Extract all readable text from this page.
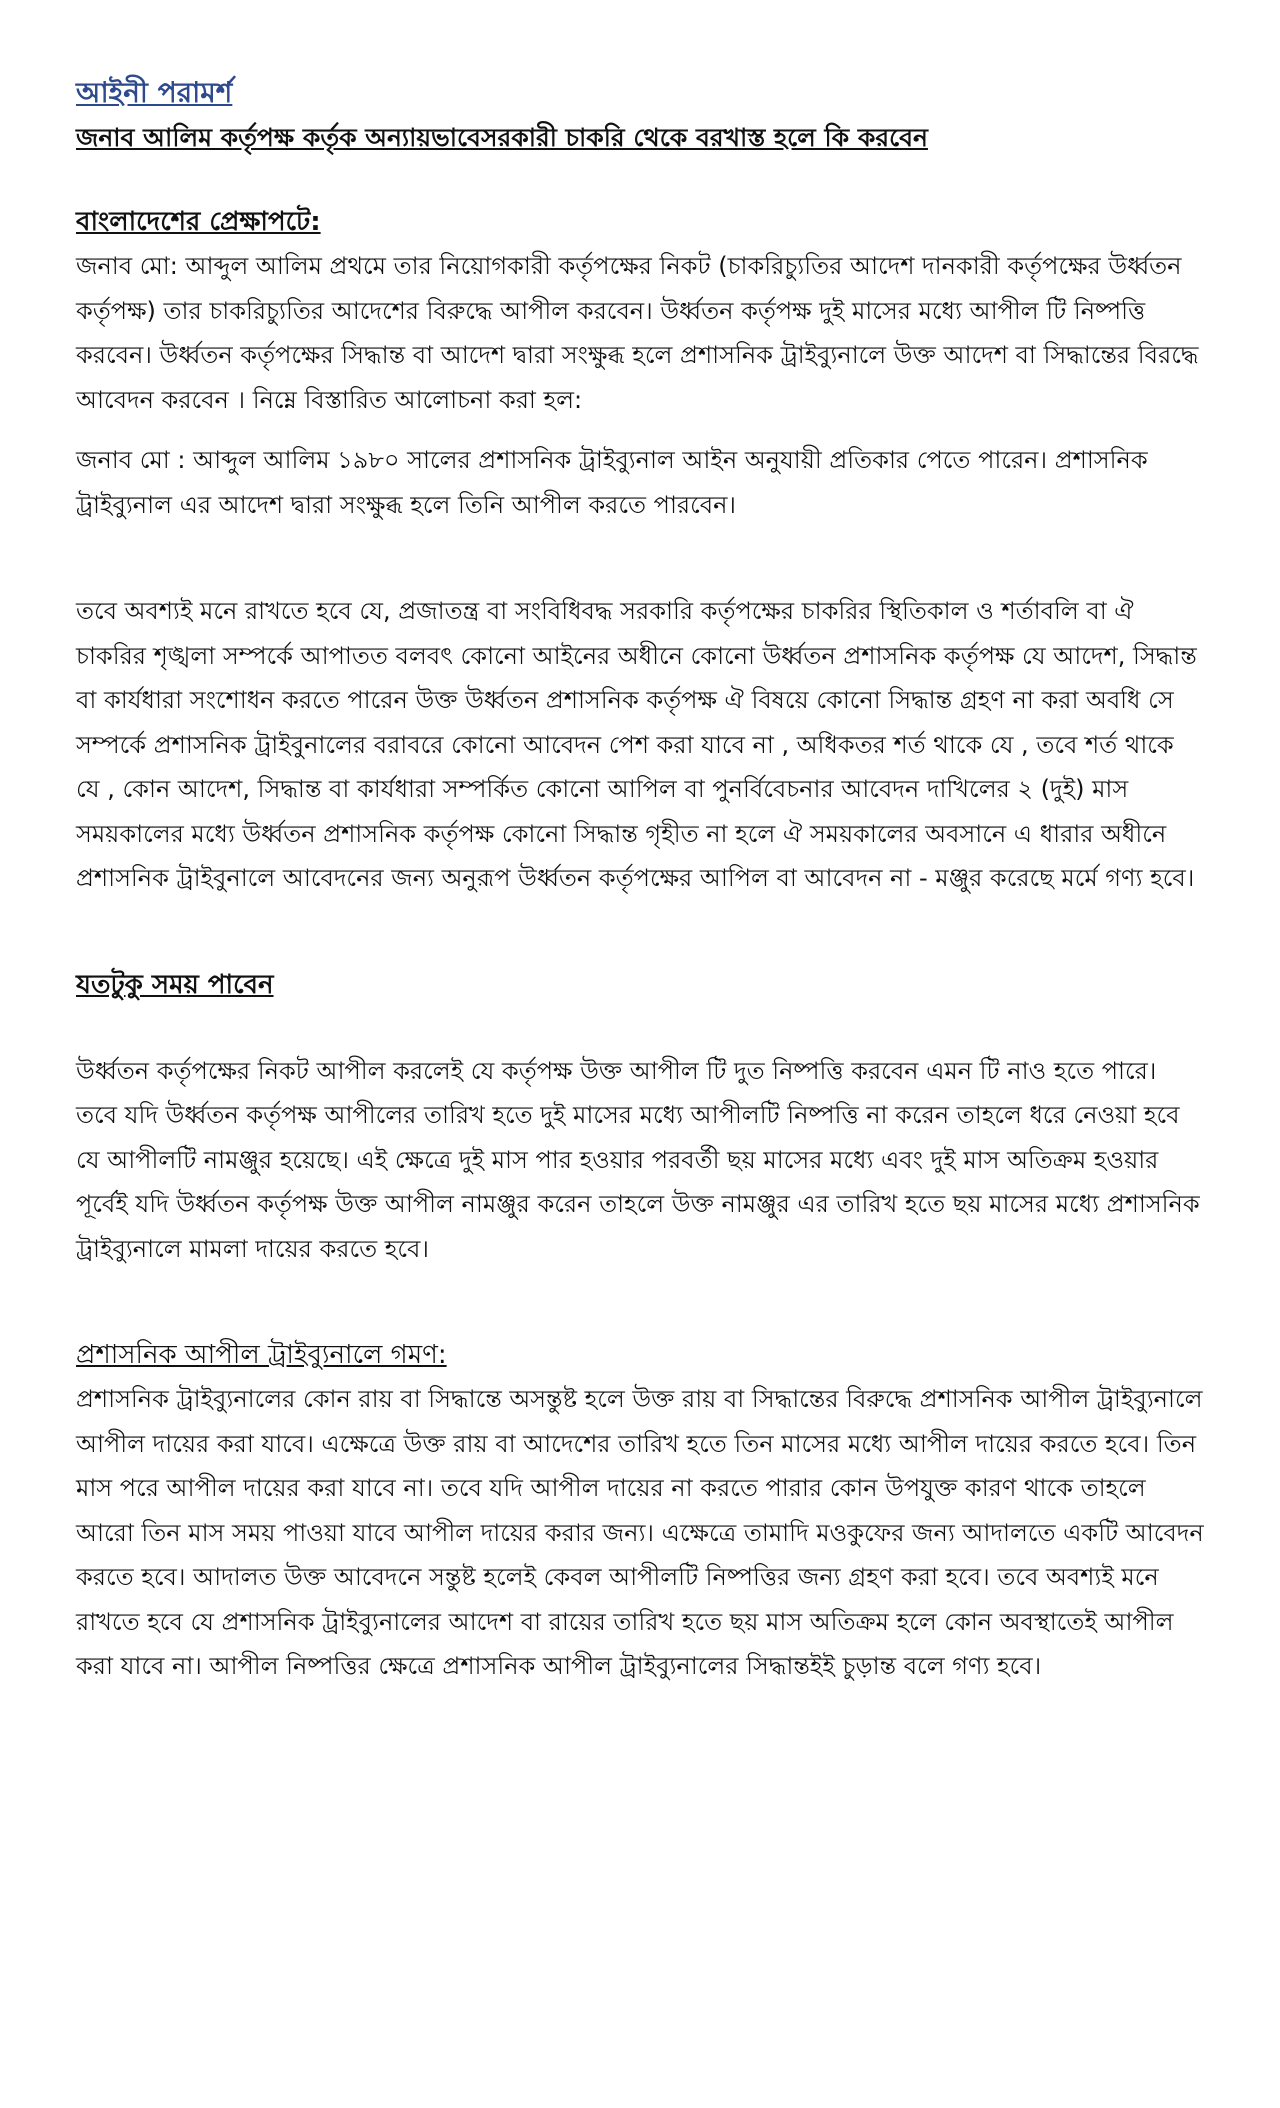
আইনী পরামর্শ
জনাব আলিম কর্তৃপক্ষ কর্তৃক অন্যায়ভাবেসরকারী চাকরি থেকে বরখাস্ত হলে কি করবেন
বাংলাদেশের প্রেক্ষাপটে:

জনাব মো: আব্দুল আলিম প্রথমে তার নিয়োগকারী কর্তৃপক্ষের নিকট (চাকরিচ্যুতির আদেশ দানকারী কর্তৃপক্ষের উর্ধ্বতন কর্তৃপক্ষ) তার চাকরিচ্যুতির আদেশের বিরুদ্ধে আপীল করবেন। উর্ধ্বতন কর্তৃপক্ষ দুই মাসের মধ্যে আপীল টি নিষ্পত্তি করবেন। উর্ধ্বতন কর্তৃপক্ষের সিদ্ধান্ত বা আদেশ দ্বারা সংক্ষুব্ধ হলে প্রশাসনিক ট্রাইব্যুনালে উক্ত আদেশ বা সিদ্ধান্তের বিরদ্ধে আবেদন করবেন । নিম্নে বিস্তারিত আলোচনা করা হল:

জনাব মো : আব্দুল আলিম ১৯৮০ সালের প্রশাসনিক ট্রাইব্যুনাল আইন অনুযায়ী প্রতিকার পেতে পারেন। প্রশাসনিক ট্রাইব্যুনাল এর আদেশ দ্বারা সংক্ষুব্ধ হলে তিনি আপীল করতে পারবেন।

তবে অবশ্যই মনে রাখতে হবে যে, প্রজাতন্ত্র বা সংবিধিবদ্ধ সরকারি কর্তৃপক্ষের চাকরির স্থিতিকাল ও শর্তাবলি বা ঐ চাকরির শৃঙ্খলা সম্পর্কে আপাতত বলবৎ কোনো আইনের অধীনে কোনো উর্ধ্বতন প্রশাসনিক কর্তৃপক্ষ যে আদেশ, সিদ্ধান্ত বা কার্যধারা সংশোধন করতে পারেন উক্ত উর্ধ্বতন প্রশাসনিক কর্তৃপক্ষ ঐ বিষয়ে কোনো সিদ্ধান্ত গ্রহণ না করা অবধি সে সম্পর্কে প্রশাসনিক ট্রাইবুনালের বরাবরে কোনো আবেদন পেশ করা যাবে না , অধিকতর শর্ত থাকে যে , তবে শর্ত থাকে যে , কোন আদেশ, সিদ্ধান্ত বা কার্যধারা সম্পর্কিত কোনো আপিল বা পুনর্বিবেচনার আবেদন দাখিলের ২ (দুই) মাস সময়কালের মধ্যে উর্ধ্বতন প্রশাসনিক কর্তৃপক্ষ কোনো সিদ্ধান্ত গৃহীত না হলে ঐ সময়কালের অবসানে এ ধারার অধীনে প্রশাসনিক ট্রাইবুনালে আবেদনের জন্য অনুরূপ উর্ধ্বতন কর্তৃপক্ষের আপিল বা আবেদন না - মঞ্জুর করেছে মর্মে গণ্য হবে।

যতটুকু সময় পাবেন

উর্ধ্বতন কর্তৃপক্ষের নিকট আপীল করলেই যে কর্তৃপক্ষ উক্ত আপীল টি দুত নিষ্পত্তি করবেন এমন টি নাও হতে পারে। তবে যদি উর্ধ্বতন কর্তৃপক্ষ আপীলের তারিখ হতে দুই মাসের মধ্যে আপীলটি নিষ্পত্তি না করেন তাহলে ধরে নেওয়া হবে যে আপীলটি নামঞ্জুর হয়েছে। এই ক্ষেত্রে দুই মাস পার হওয়ার পরবর্তী ছয় মাসের মধ্যে এবং দুই মাস অতিক্রম হওয়ার পূর্বেই যদি উর্ধ্বতন কর্তৃপক্ষ উক্ত আপীল নামঞ্জুর করেন তাহলে উক্ত নামঞ্জুর এর তারিখ হতে ছয় মাসের মধ্যে প্রশাসনিক ট্রাইব্যুনালে মামলা দায়ের করতে হবে।

প্রশাসনিক আপীল ট্রাইব্যুনালে গমণ:

প্রশাসনিক ট্রাইব্যুনালের কোন রায় বা সিদ্ধান্তে অসন্তুষ্ট হলে উক্ত রায় বা সিদ্ধান্তের বিরুদ্ধে প্রশাসনিক আপীল ট্রাইব্যুনালে আপীল দায়ের করা যাবে। এক্ষেত্রে উক্ত রায় বা আদেশের তারিখ হতে তিন মাসের মধ্যে আপীল দায়ের করতে হবে। তিন মাস পরে আপীল দায়ের করা যাবে না। তবে যদি আপীল দায়ের না করতে পারার কোন উপযুক্ত কারণ থাকে তাহলে আরো তিন মাস সময় পাওয়া যাবে আপীল দায়ের করার জন্য। এক্ষেত্রে তামাদি মওকুফের জন্য আদালতে একটি আবেদন করতে হবে। আদালত উক্ত আবেদনে সন্তুষ্ট হলেই কেবল আপীলটি নিষ্পত্তির জন্য গ্রহণ করা হবে। তবে অবশ্যই মনে রাখতে হবে যে প্রশাসনিক ট্রাইব্যুনালের আদেশ বা রায়ের তারিখ হতে ছয় মাস অতিক্রম হলে কোন অবস্থাতেই আপীল করা যাবে না। আপীল নিষ্পত্তির ক্ষেত্রে প্রশাসনিক আপীল ট্রাইব্যুনালের সিদ্ধান্তইই চুড়ান্ত বলে গণ্য হবে।
